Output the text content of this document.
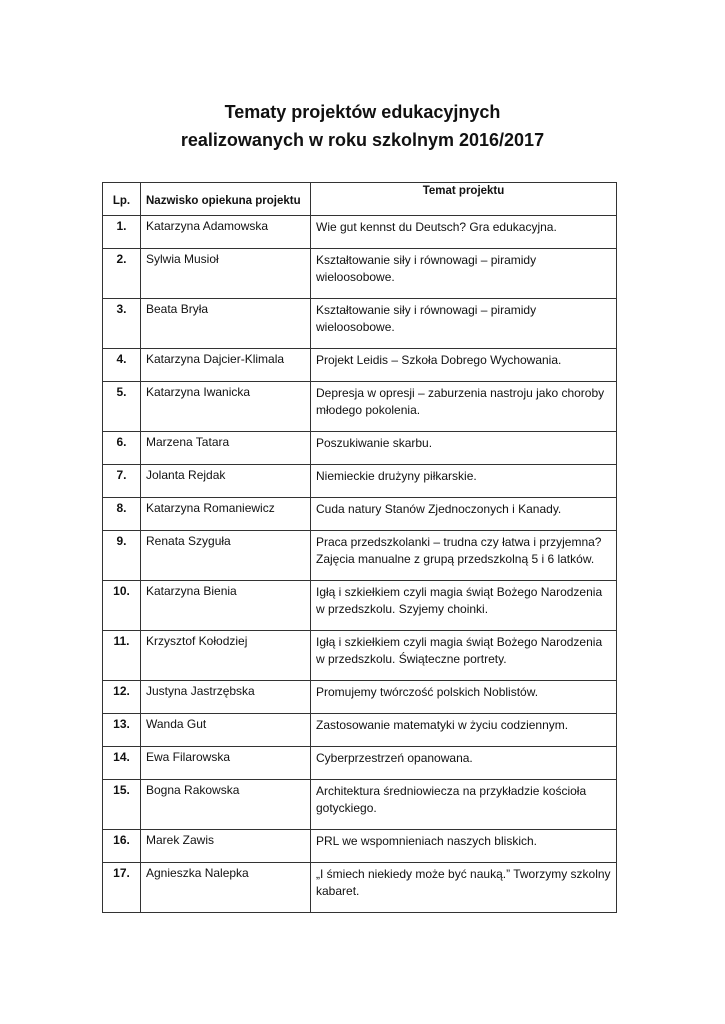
Tematy projektów edukacyjnych
realizowanych w roku szkolnym 2016/2017
Lp.	Nazwisko opiekuna projektu	Temat projektu
1.	Katarzyna Adamowska	Wie gut kennst du Deutsch? Gra edukacyjna.
2.	Sylwia Musioł	Kształtowanie siły i równowagi – piramidy wieloosobowe.
3.	Beata Bryła	Kształtowanie siły i równowagi – piramidy wieloosobowe.
4.	Katarzyna Dajcier-Klimala	Projekt Leidis – Szkoła Dobrego Wychowania.
5.	Katarzyna Iwanicka	Depresja w opresji – zaburzenia nastroju jako choroby młodego pokolenia.
6.	Marzena Tatara	Poszukiwanie skarbu.
7.	Jolanta Rejdak	Niemieckie drużyny piłkarskie.
8.	Katarzyna Romaniewicz	Cuda natury Stanów Zjednoczonych i Kanady.
9.	Renata Szyguła	Praca przedszkolanki – trudna czy łatwa i przyjemna? Zajęcia manualne z grupą przedszkolną 5 i 6 latków.
10.	Katarzyna Bienia	Igłą i szkiełkiem czyli magia świąt Bożego Narodzenia w przedszkolu. Szyjemy choinki.
11.	Krzysztof Kołodziej	Igłą i szkiełkiem czyli magia świąt Bożego Narodzenia w przedszkolu. Świąteczne portrety.
12.	Justyna Jastrzębska	Promujemy twórczość polskich Noblistów.
13.	Wanda Gut	Zastosowanie matematyki w życiu codziennym.
14.	Ewa Filarowska	Cyberprzestrzeń opanowana.
15.	Bogna Rakowska	Architektura średniowiecza na przykładzie kościoła gotyckiego.
16.	Marek Zawis	PRL we wspomnieniach naszych bliskich.
17.	Agnieszka Nalepka	„I śmiech niekiedy może być nauką.” Tworzymy szkolny kabaret.
